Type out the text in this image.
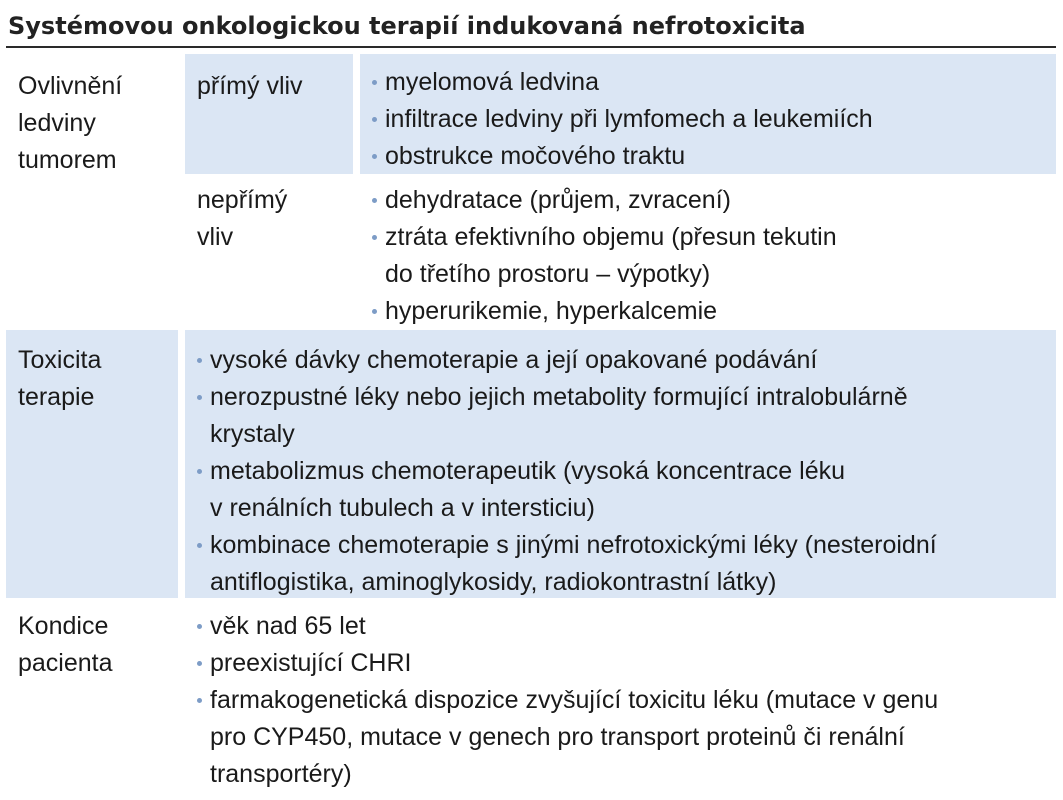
Systémovou onkologickou terapií indukovaná nefrotoxicita
Ovlivnění
ledviny
tumorem
přímý vliv	myelomová ledvina
infiltrace ledviny při lymfomech a leukemiích
obstrukce močového traktu
nepřímý
vliv
dehydratace (průjem, zvracení)
ztráta efektivního objemu (přesun tekutin
do třetího prostoru – výpotky)
hyperurikemie, hyperkalcemie
Toxicita
terapie
vysoké dávky chemoterapie a její opakované podávání
nerozpustné léky nebo jejich metabolity formující intralobulárně
krystaly
metabolizmus chemoterapeutik (vysoká koncentrace léku
v renálních tubulech a v intersticiu)
kombinace chemoterapie s jinými nefrotoxickými léky (nesteroidní
antiflogistika, aminoglykosidy, radiokontrastní látky)
Kondice
pacienta
věk nad 65 let
preexistující CHRI
farmakogenetická dispozice zvyšující toxicitu léku (mutace v genu
pro CYP450, mutace v genech pro transport proteinů či renální
transportéry)
